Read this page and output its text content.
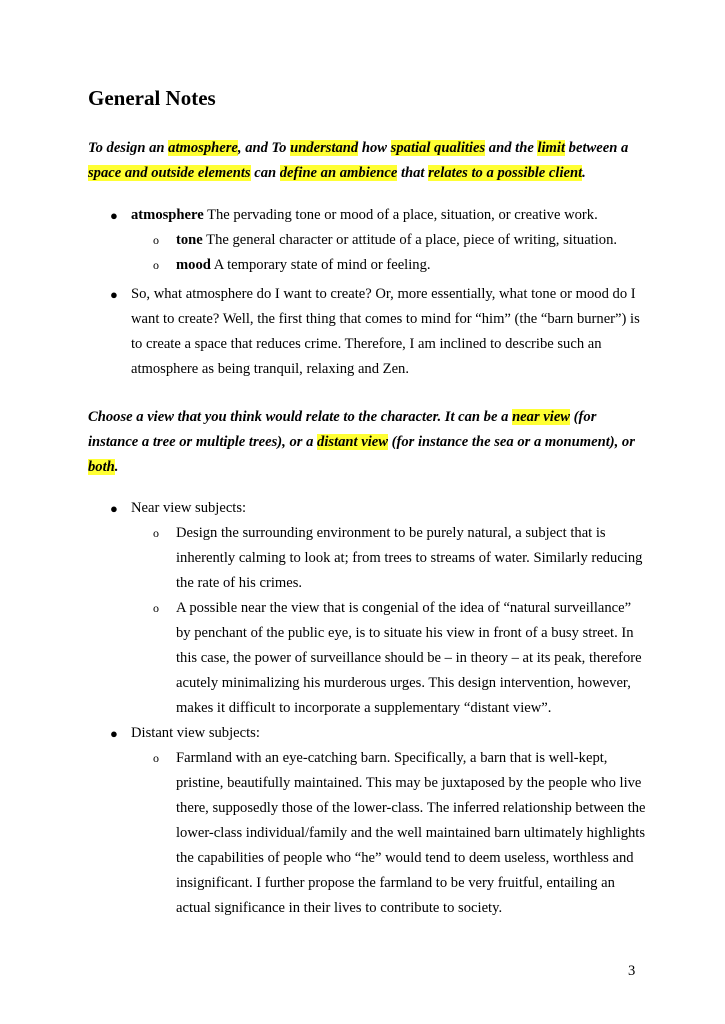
General Notes

To design an atmosphere, and To understand how spatial qualities and the limit between a space and outside elements can define an ambience that relates to a possible client.

● atmosphere The pervading tone or mood of a place, situation, or creative work.
o tone The general character or attitude of a place, piece of writing, situation.
o mood A temporary state of mind or feeling.
● So, what atmosphere do I want to create? Or, more essentially, what tone or mood do I want to create? Well, the first thing that comes to mind for “him” (the “barn burner”) is to create a space that reduces crime. Therefore, I am inclined to describe such an atmosphere as being tranquil, relaxing and Zen.

Choose a view that you think would relate to the character. It can be a near view (for instance a tree or multiple trees), or a distant view (for instance the sea or a monument), or both.

● Near view subjects:
o Design the surrounding environment to be purely natural, a subject that is inherently calming to look at; from trees to streams of water. Similarly reducing the rate of his crimes.
o A possible near the view that is congenial of the idea of “natural surveillance” by penchant of the public eye, is to situate his view in front of a busy street. In this case, the power of surveillance should be – in theory – at its peak, therefore acutely minimalizing his murderous urges. This design intervention, however, makes it difficult to incorporate a supplementary “distant view”.
● Distant view subjects:
o Farmland with an eye-catching barn. Specifically, a barn that is well-kept, pristine, beautifully maintained. This may be juxtaposed by the people who live there, supposedly those of the lower-class. The inferred relationship between the lower-class individual/family and the well maintained barn ultimately highlights the capabilities of people who “he” would tend to deem useless, worthless and insignificant. I further propose the farmland to be very fruitful, entailing an actual significance in their lives to contribute to society.
3
